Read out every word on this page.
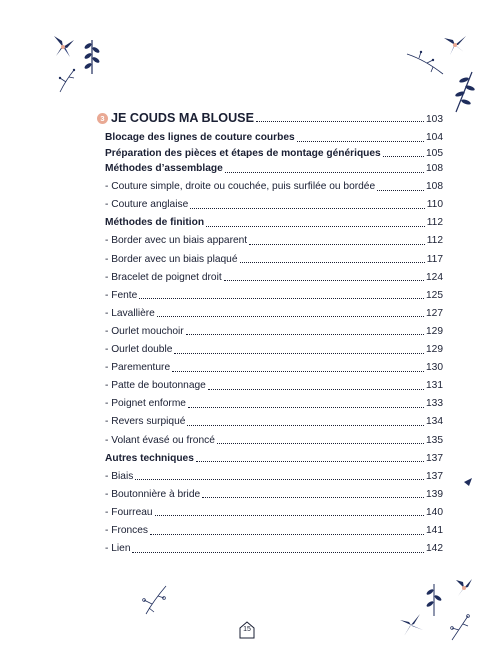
3 JE COUDS MA BLOUSE	103
Blocage des lignes de couture courbes	104
Préparation des pièces et étapes de montage génériques	105
Méthodes d’assemblage	108
- Couture simple, droite ou couchée, puis surfilée ou bordée	108
- Couture anglaise	110
Méthodes de finition	112
- Border avec un biais apparent	112
- Border avec un biais plaqué	117
- Bracelet de poignet droit	124
- Fente	125
- Lavallière	127
- Ourlet mouchoir	129
- Ourlet double	129
- Parementure	130
- Patte de boutonnage	131
- Poignet enforme	133
- Revers surpiqué	134
- Volant évasé ou froncé	135
Autres techniques	137
- Biais	137
- Boutonnière à bride	139
- Fourreau	140
- Fronces	141
- Lien	142
15
